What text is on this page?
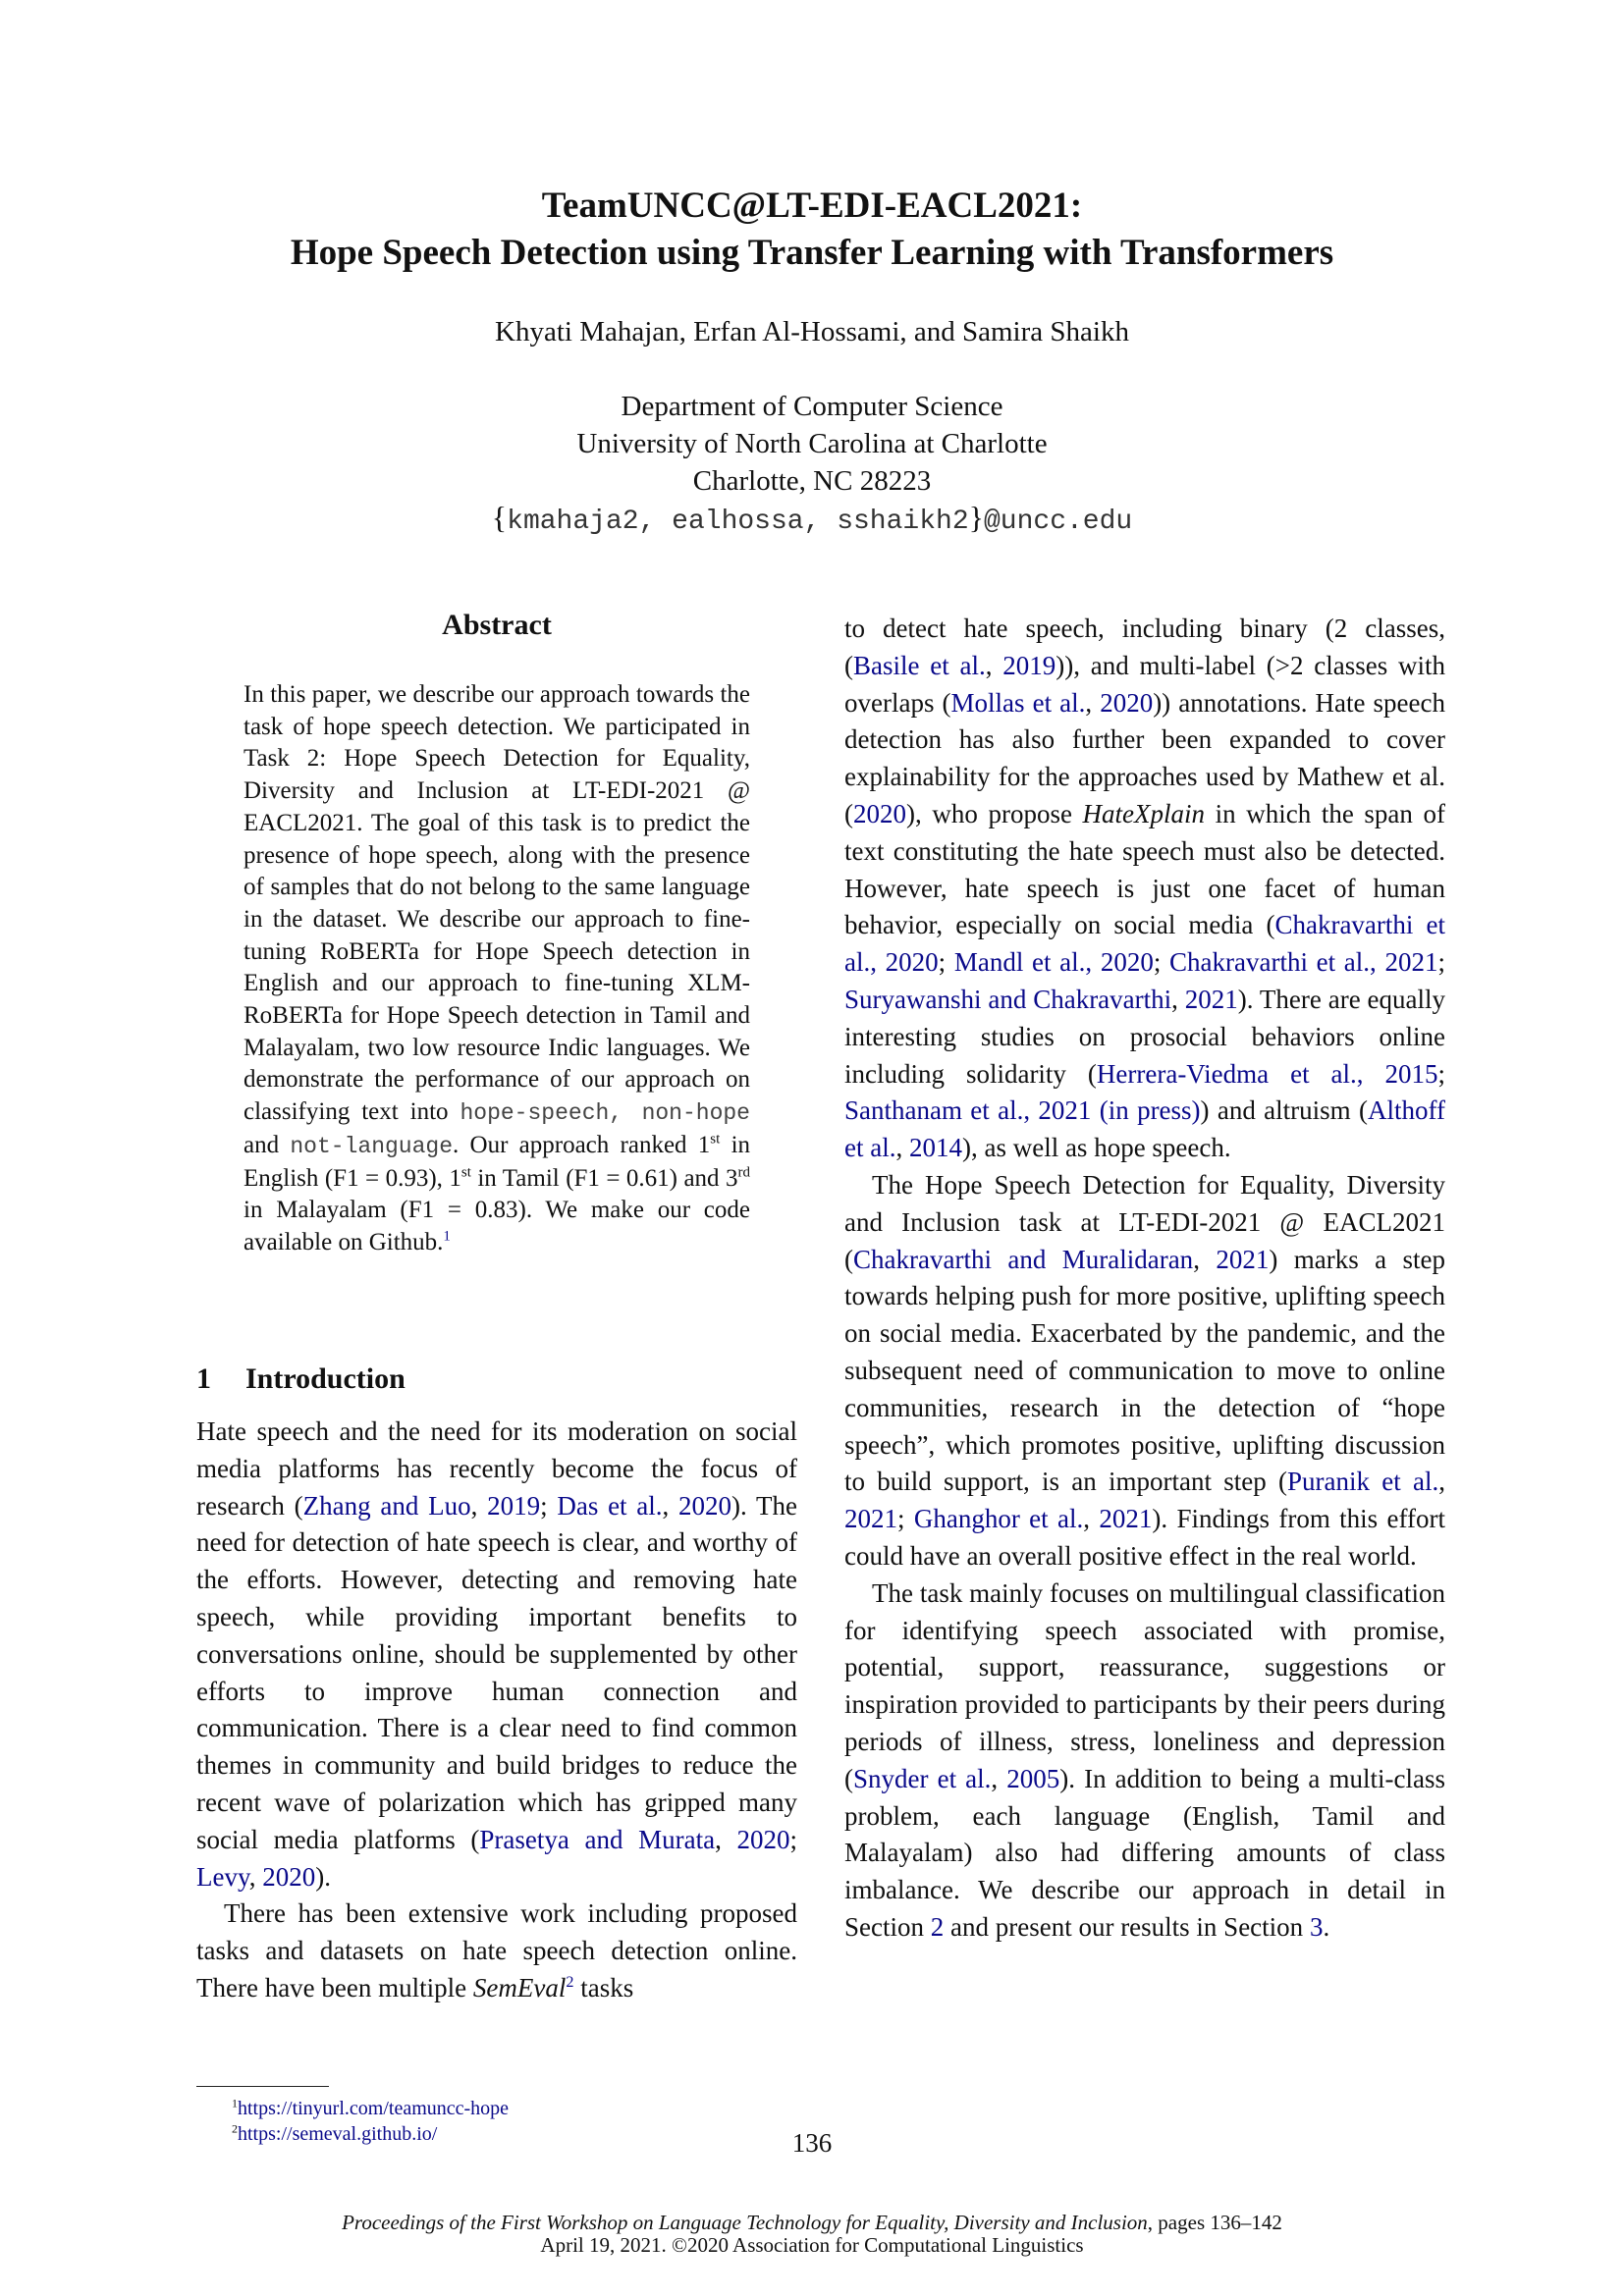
TeamUNCC@LT-EDI-EACL2021:
Hope Speech Detection using Transfer Learning with Transformers
Khyati Mahajan, Erfan Al-Hossami, and Samira Shaikh
Department of Computer Science
University of North Carolina at Charlotte
Charlotte, NC 28223
{kmahaja2, ealhossa, sshaikh2}@uncc.edu
Abstract
In this paper, we describe our approach towards the task of hope speech detection. We participated in Task 2: Hope Speech Detection for Equality, Diversity and Inclusion at LT-EDI-2021 @ EACL2021. The goal of this task is to predict the presence of hope speech, along with the presence of samples that do not belong to the same language in the dataset. We describe our approach to fine-tuning RoBERTa for Hope Speech detection in English and our approach to fine-tuning XLM-RoBERTa for Hope Speech detection in Tamil and Malayalam, two low resource Indic languages. We demonstrate the performance of our approach on classifying text into hope-speech, non-hope and not-language. Our approach ranked 1st in English (F1 = 0.93), 1st in Tamil (F1 = 0.61) and 3rd in Malayalam (F1 = 0.83). We make our code available on Github.$^1$
1 Introduction

Hate speech and the need for its moderation on social media platforms has recently become the focus of research (Zhang and Luo, 2019; Das et al., 2020). The need for detection of hate speech is clear, and worthy of the efforts. However, detecting and removing hate speech, while providing important benefits to conversations online, should be supplemented by other efforts to improve human connection and communication. There is a clear need to find common themes in community and build bridges to reduce the recent wave of polarization which has gripped many social media platforms (Prasetya and Murata, 2020; Levy, 2020).

There has been extensive work including proposed tasks and datasets on hate speech detection online. There have been multiple SemEval$^2$ tasks

$^1$https://tinyurl.com/teamuncc-hope
$^2$https://semeval.github.io/

to detect hate speech, including binary (2 classes, (Basile et al., 2019)), and multi-label (>2 classes with overlaps (Mollas et al., 2020)) annotations. Hate speech detection has also further been expanded to cover explainability for the approaches used by Mathew et al. (2020), who propose HateXplain in which the span of text constituting the hate speech must also be detected. However, hate speech is just one facet of human behavior, especially on social media (Chakravarthi et al., 2020; Mandl et al., 2020; Chakravarthi et al., 2021; Suryawanshi and Chakravarthi, 2021). There are equally interesting studies on prosocial behaviors online including solidarity (Herrera-Viedma et al., 2015; Santhanam et al., 2021 (in press)) and altruism (Althoff et al., 2014), as well as hope speech.

The Hope Speech Detection for Equality, Diversity and Inclusion task at LT-EDI-2021 @ EACL2021 (Chakravarthi and Muralidaran, 2021) marks a step towards helping push for more positive, uplifting speech on social media. Exacerbated by the pandemic, and the subsequent need of communication to move to online communities, research in the detection of “hope speech”, which promotes positive, uplifting discussion to build support, is an important step (Puranik et al., 2021; Ghanghor et al., 2021). Findings from this effort could have an overall positive effect in the real world.

The task mainly focuses on multilingual classification for identifying speech associated with promise, potential, support, reassurance, suggestions or inspiration provided to participants by their peers during periods of illness, stress, loneliness and depression (Snyder et al., 2005). In addition to being a multi-class problem, each language (English, Tamil and Malayalam) also had differing amounts of class imbalance. We describe our approach in detail in Section 2 and present our results in Section 3.

136
Proceedings of the First Workshop on Language Technology for Equality, Diversity and Inclusion, pages 136–142
April 19, 2021. ©2020 Association for Computational Linguistics
